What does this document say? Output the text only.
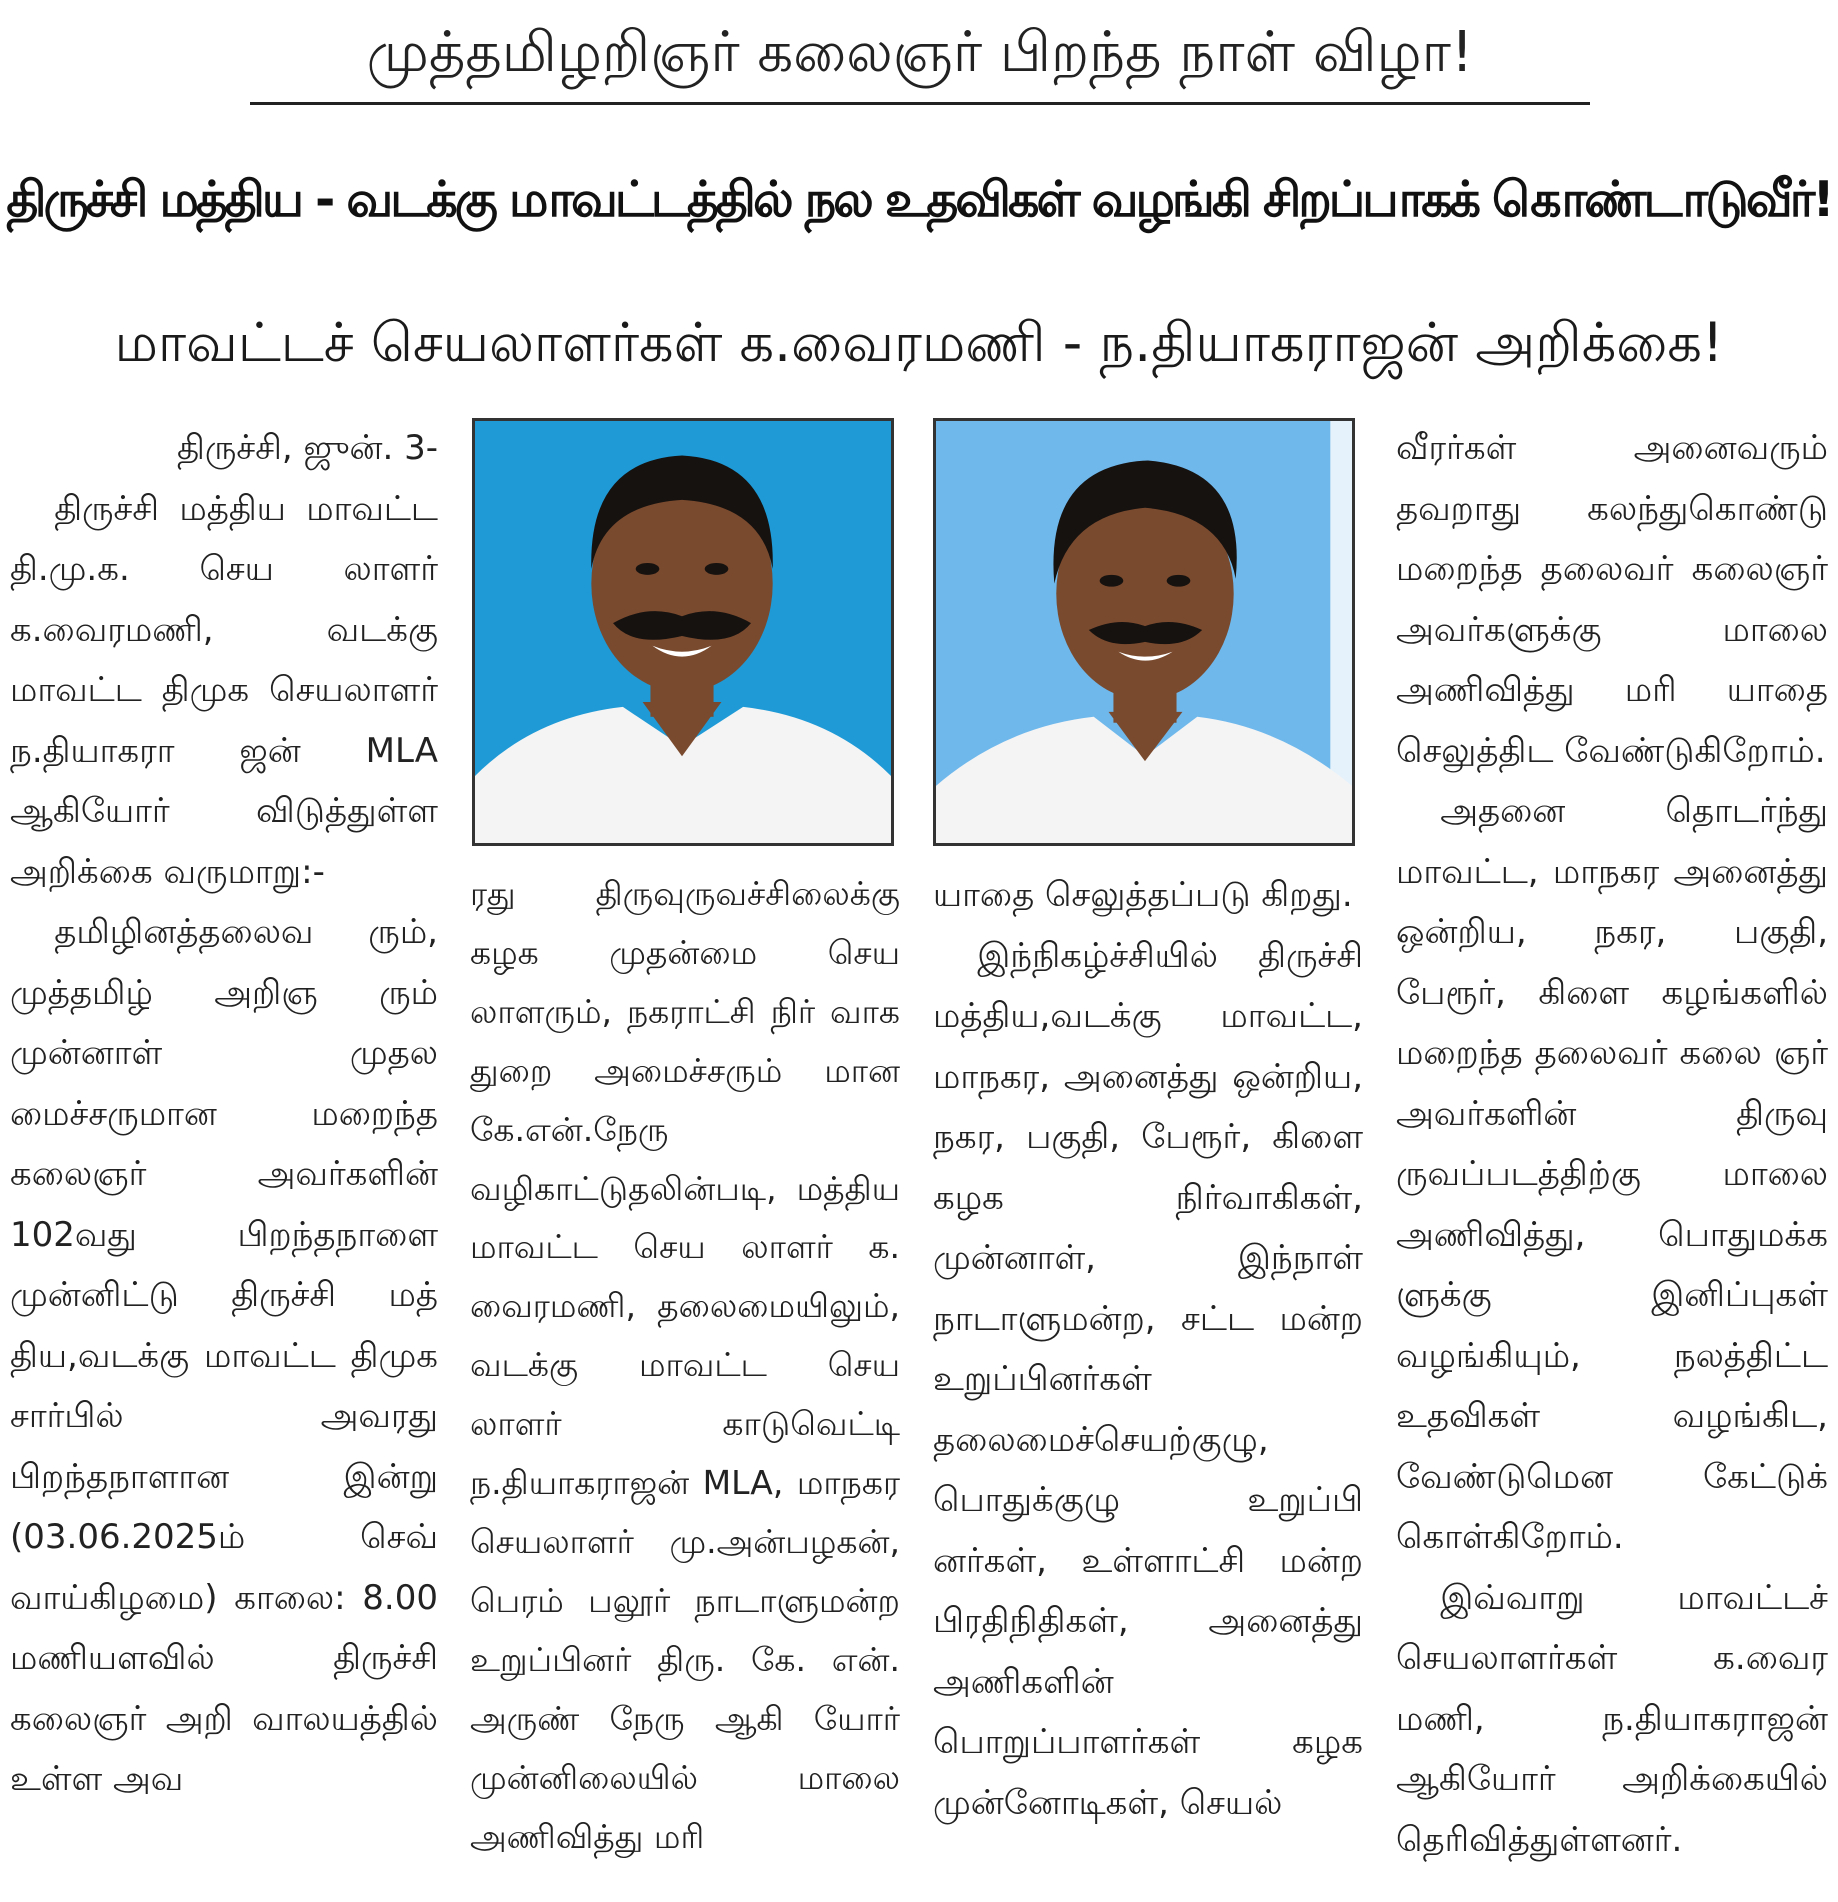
முத்தமிழறிஞர் கலைஞர் பிறந்த நாள் விழா!
திருச்சி மத்திய - வடக்கு மாவட்டத்தில் நல உதவிகள் வழங்கி சிறப்பாகக் கொண்டாடுவீர்!
மாவட்டச் செயலாளர்கள் க.வைரமணி - ந.தியாகராஜன் அறிக்கை!
திருச்சி, ஜுன். 3-

திருச்சி மத்திய மாவட்ட தி.மு.க. செய லாளர் க.வைரமணி, வடக்கு மாவட்ட திமுக செயலாளர் ந.தியாகரா ஜன் MLA ஆகியோர் விடுத்துள்ள அறிக்கை வருமாறு:-

தமிழினத்தலைவ ரும், முத்தமிழ் அறிஞ ரும் முன்னாள் முதல மைச்சருமான மறைந்த கலைஞர் அவர்களின் 102வது பிறந்தநாளை முன்னிட்டு திருச்சி மத் திய,வடக்கு மாவட்ட திமுக சார்பில் அவரது பிறந்தநாளான இன்று (03.06.2025ம் செவ் வாய்கிழமை) காலை: 8.00 மணியளவில் திருச்சி கலைஞர் அறி வாலயத்தில் உள்ள அவ

ரது திருவுருவச்சிலைக்கு கழக முதன்மை செய லாளரும், நகராட்சி நிர் வாக துறை அமைச்சரும் மான கே.என்.நேரு வழிகாட்டுதலின்படி, மத்திய மாவட்ட செய லாளர் க. வைரமணி, தலைமையிலும், வடக்கு மாவட்ட செய லாளர் காடுவெட்டி ந.தியாகராஜன் MLA, மாநகர செயலாளர் மு.அன்பழகன், பெரம் பலூர் நாடாளுமன்ற உறுப்பினர் திரு. கே. என். அருண் நேரு ஆகி யோர் முன்னிலையில் மாலை அணிவித்து மரி

யாதை செலுத்தப்படு கிறது.

இந்நிகழ்ச்சியில் திருச்சி மத்திய,வடக்கு மாவட்ட, மாநகர, அனைத்து ஒன்றிய, நகர, பகுதி, பேரூர், கிளை கழக நிர்வாகிகள், முன்னாள், இந்நாள் நாடாளுமன்ற, சட்ட மன்ற உறுப்பினர்கள் தலைமைச்செயற்குழு, பொதுக்குழு உறுப்பி னர்கள், உள்ளாட்சி மன்ற பிரதிநிதிகள், அனைத்து அணிகளின் பொறுப்பாளர்கள் கழக முன்னோடிகள், செயல்

வீரர்கள் அனைவரும் தவறாது கலந்துகொண்டு மறைந்த தலைவர் கலைஞர் அவர்களுக்கு மாலை அணிவித்து மரி யாதை செலுத்திட வேண்டுகிறோம்.

அதனை தொடர்ந்து மாவட்ட, மாநகர அனைத்து ஒன்றிய, நகர, பகுதி, பேரூர், கிளை கழங்களில் மறைந்த தலைவர் கலை ஞர் அவர்களின் திருவு ருவப்படத்திற்கு மாலை அணிவித்து, பொதுமக்க ளுக்கு இனிப்புகள் வழங்கியும், நலத்திட்ட உதவிகள் வழங்கிட, வேண்டுமென கேட்டுக் கொள்கிறோம்.

இவ்வாறு மாவட்டச் செயலாளர்கள் க.வைர மணி, ந.தியாகராஜன் ஆகியோர் அறிக்கையில் தெரிவித்துள்ளனர்.
